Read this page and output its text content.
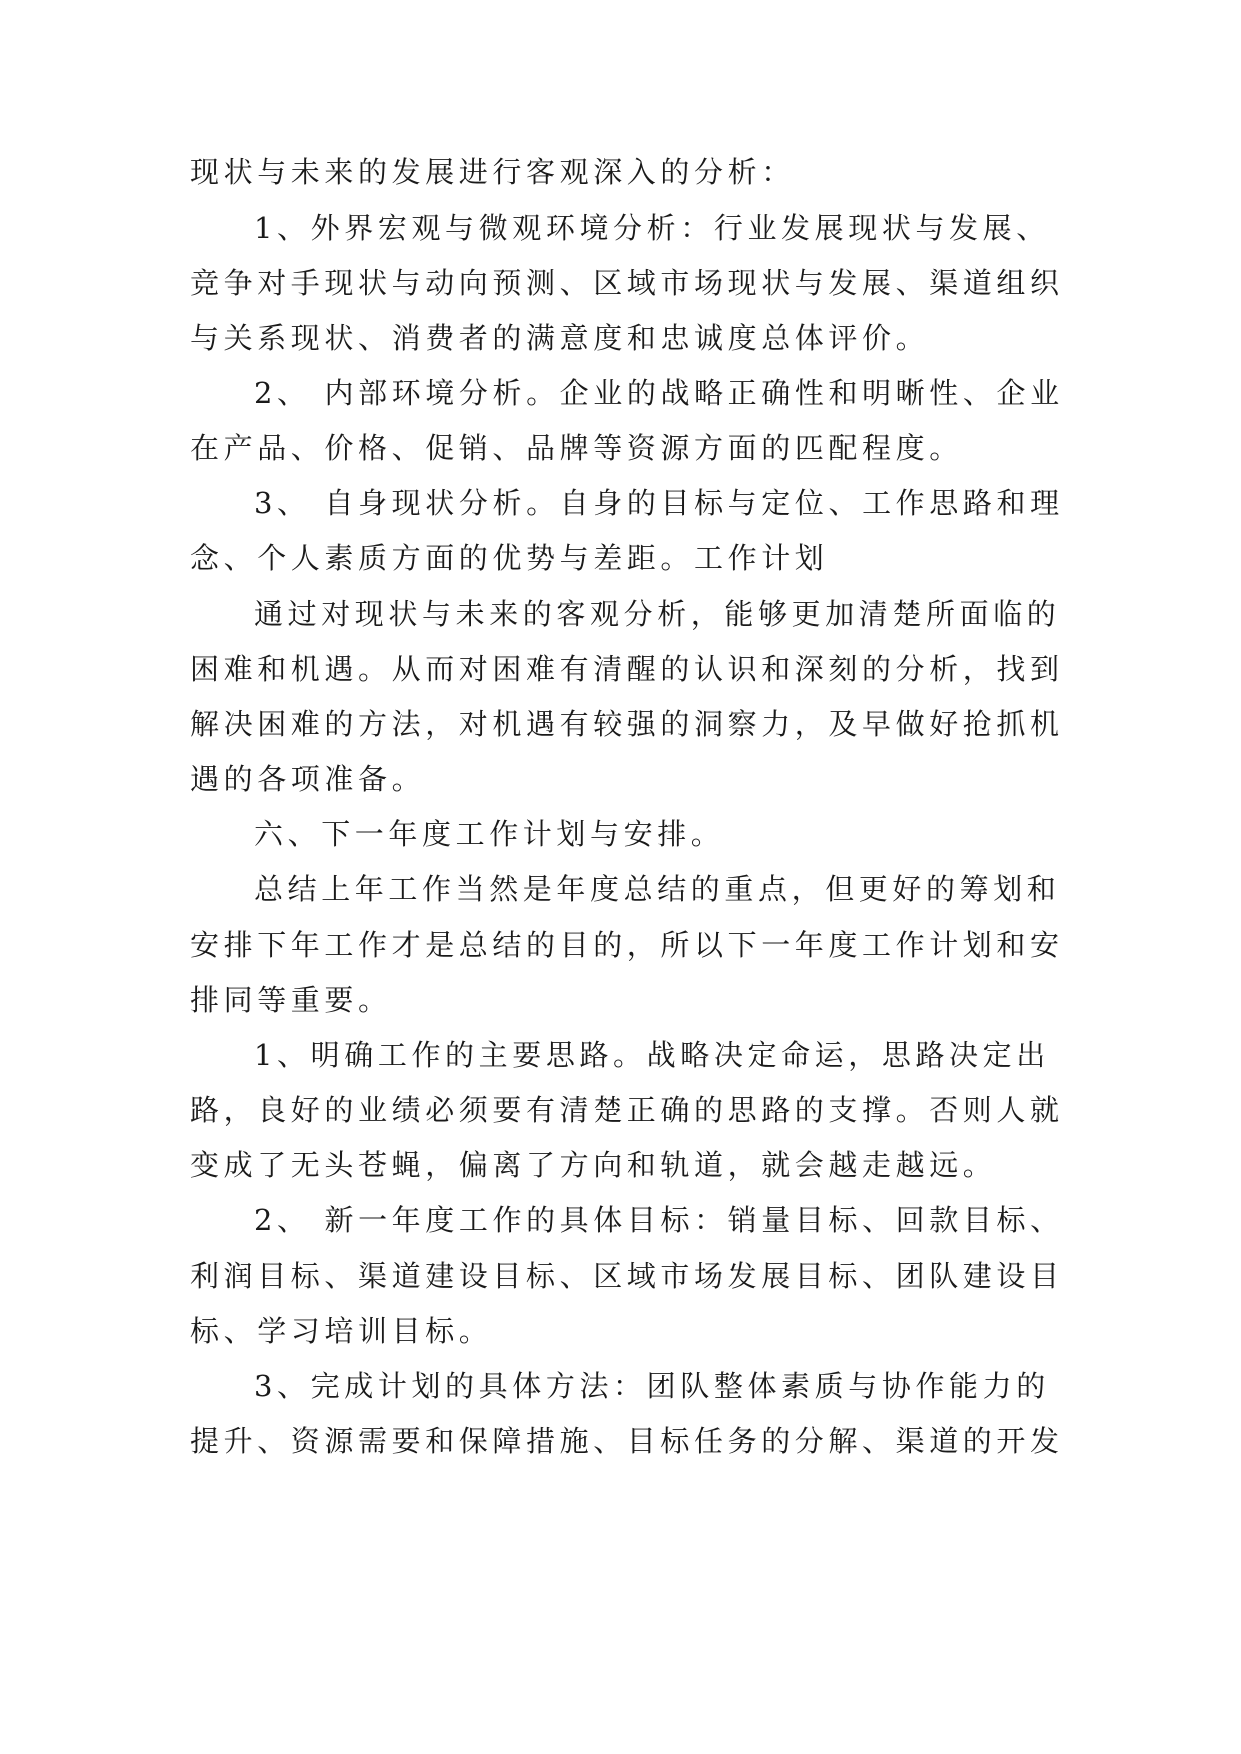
现状与未来的发展进行客观深入的分析：
1、外界宏观与微观环境分析：行业发展现状与发展、
竞争对手现状与动向预测、区域市场现状与发展、渠道组织
与关系现状、消费者的满意度和忠诚度总体评价。
2、 内部环境分析。企业的战略正确性和明晰性、企业
在产品、价格、促销、品牌等资源方面的匹配程度。
3、 自身现状分析。自身的目标与定位、工作思路和理
念、个人素质方面的优势与差距。工作计划
通过对现状与未来的客观分析，能够更加清楚所面临的
困难和机遇。从而对困难有清醒的认识和深刻的分析，找到
解决困难的方法，对机遇有较强的洞察力，及早做好抢抓机
遇的各项准备。
六、下一年度工作计划与安排。
总结上年工作当然是年度总结的重点，但更好的筹划和
安排下年工作才是总结的目的，所以下一年度工作计划和安
排同等重要。
1、明确工作的主要思路。战略决定命运，思路决定出
路，良好的业绩必须要有清楚正确的思路的支撑。否则人就
变成了无头苍蝇，偏离了方向和轨道，就会越走越远。
2、 新一年度工作的具体目标：销量目标、回款目标、
利润目标、渠道建设目标、区域市场发展目标、团队建设目
标、学习培训目标。
3、完成计划的具体方法：团队整体素质与协作能力的
提升、资源需要和保障措施、目标任务的分解、渠道的开发
